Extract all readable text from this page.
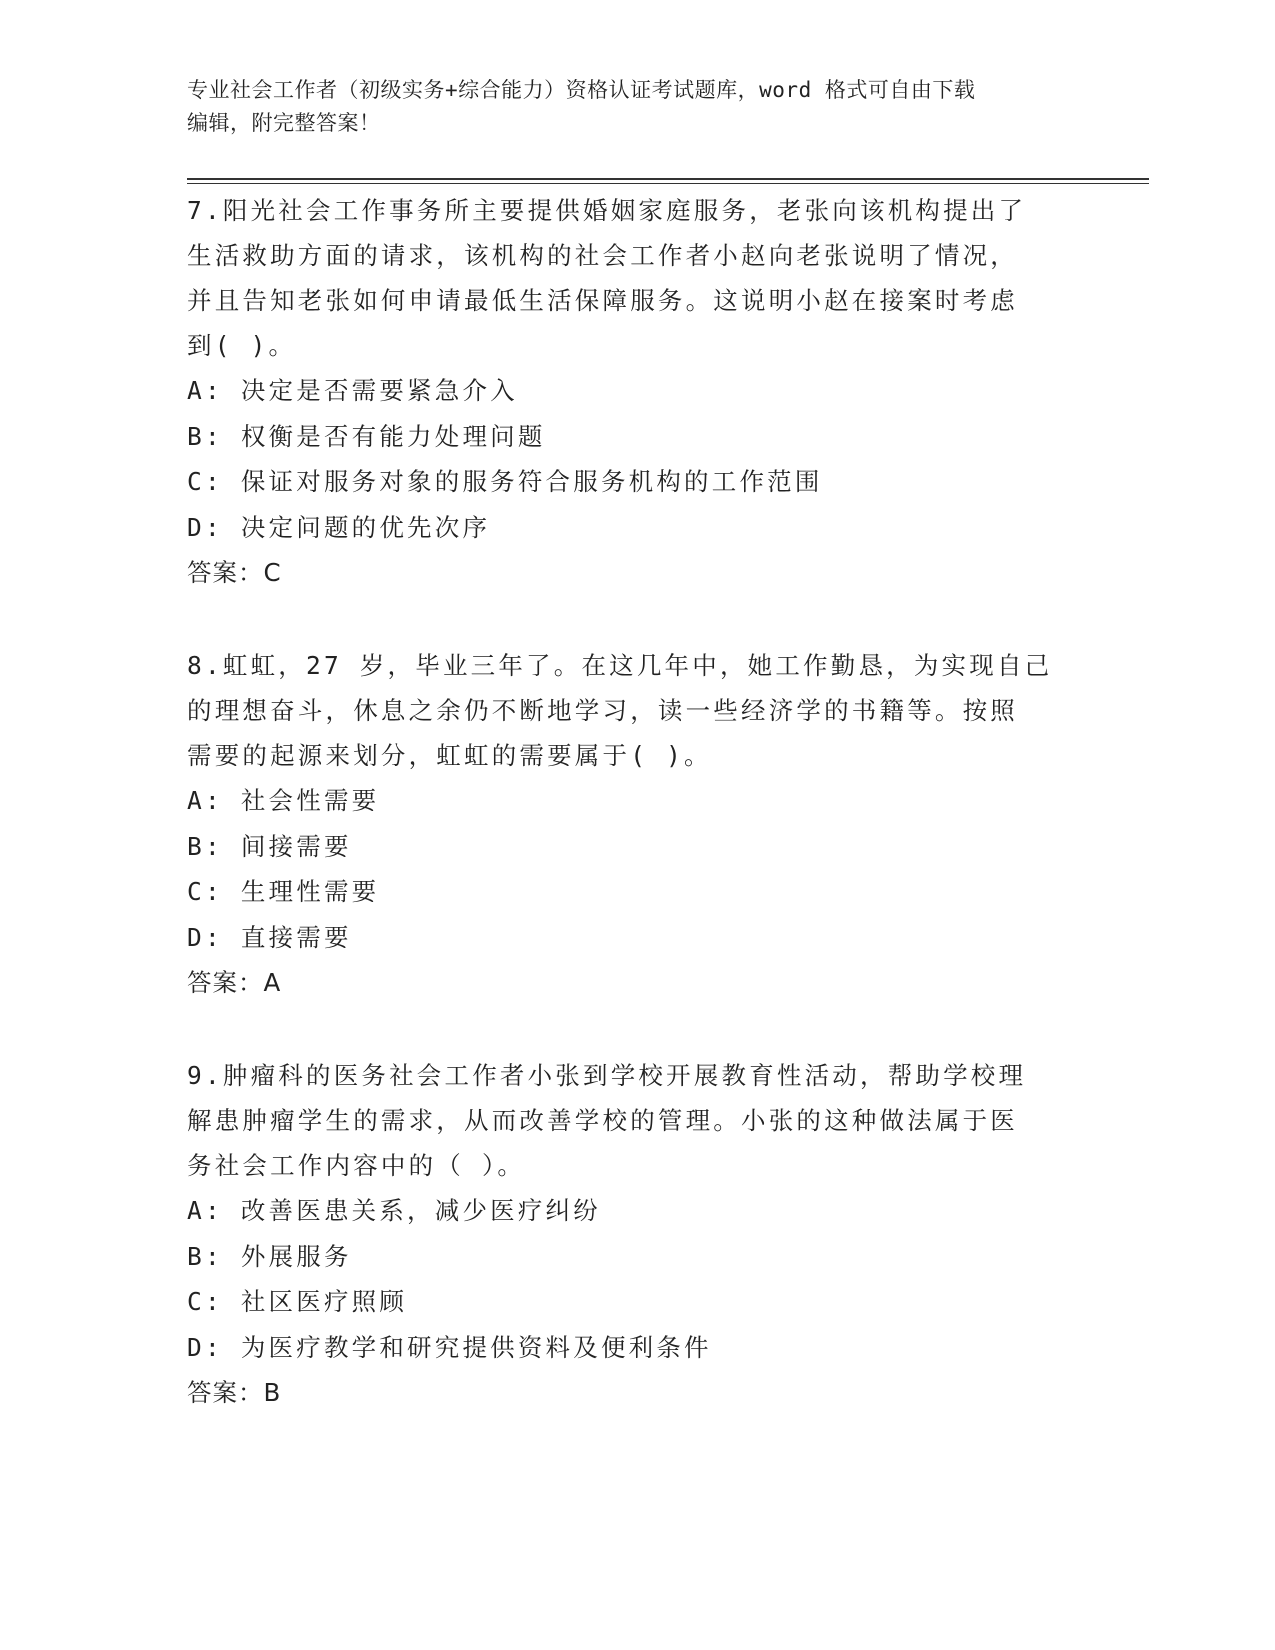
专业社会工作者（初级实务+综合能力）资格认证考试题库，word 格式可自由下载
编辑，附完整答案！
7.阳光社会工作事务所主要提供婚姻家庭服务，老张向该机构提出了
生活救助方面的请求，该机构的社会工作者小赵向老张说明了情况，
并且告知老张如何申请最低生活保障服务。这说明小赵在接案时考虑
到( )。
A: 决定是否需要紧急介入
B: 权衡是否有能力处理问题
C: 保证对服务对象的服务符合服务机构的工作范围
D: 决定问题的优先次序
答案：C
8.虹虹，27 岁，毕业三年了。在这几年中，她工作勤恳，为实现自己
的理想奋斗，休息之余仍不断地学习，读一些经济学的书籍等。按照
需要的起源来划分，虹虹的需要属于( )。
A: 社会性需要
B: 间接需要
C: 生理性需要
D: 直接需要
答案：A
9.肿瘤科的医务社会工作者小张到学校开展教育性活动，帮助学校理
解患肿瘤学生的需求，从而改善学校的管理。小张的这种做法属于医
务社会工作内容中的（ ）。
A: 改善医患关系，减少医疗纠纷
B: 外展服务
C: 社区医疗照顾
D: 为医疗教学和研究提供资料及便利条件
答案：B
